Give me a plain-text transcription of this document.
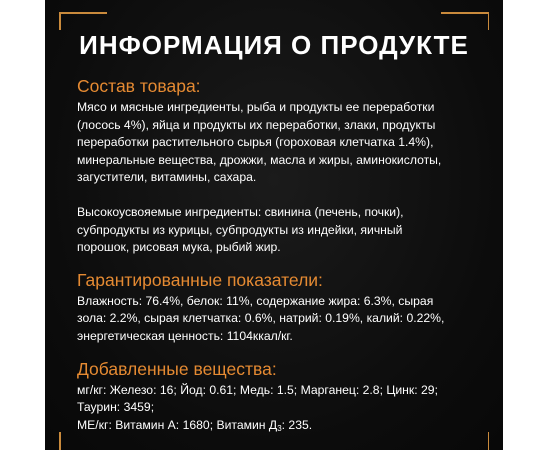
ИНФОРМАЦИЯ О ПРОДУКТЕ
Состав товара:

Мясо и мясные ингредиенты, рыба и продукты ее переработки
(лосось 4%), яйца и продукты их переработки, злаки, продукты
переработки растительного сырья (гороховая клетчатка 1.4%),
минеральные вещества, дрожжи, масла и жиры, аминокислоты,
загустители, витамины, сахара.

Высокоусвояемые ингредиенты: свинина (печень, почки),
субпродукты из курицы, субпродукты из индейки, яичный
порошок, рисовая мука, рыбий жир.

Гарантированные показатели:

Влажность: 76.4%, белок: 11%, содержание жира: 6.3%, сырая
зола: 2.2%, сырая клетчатка: 0.6%, натрий: 0.19%, калий: 0.22%,
энергетическая ценность: 1104ккал/кг.

Добавленные вещества:

мг/кг: Железо: 16; Йод: 0.61; Медь: 1.5; Марганец: 2.8; Цинк: 29;
Таурин: 3459;
МЕ/кг: Витамин А: 1680; Витамин $Д_3$: 235.
